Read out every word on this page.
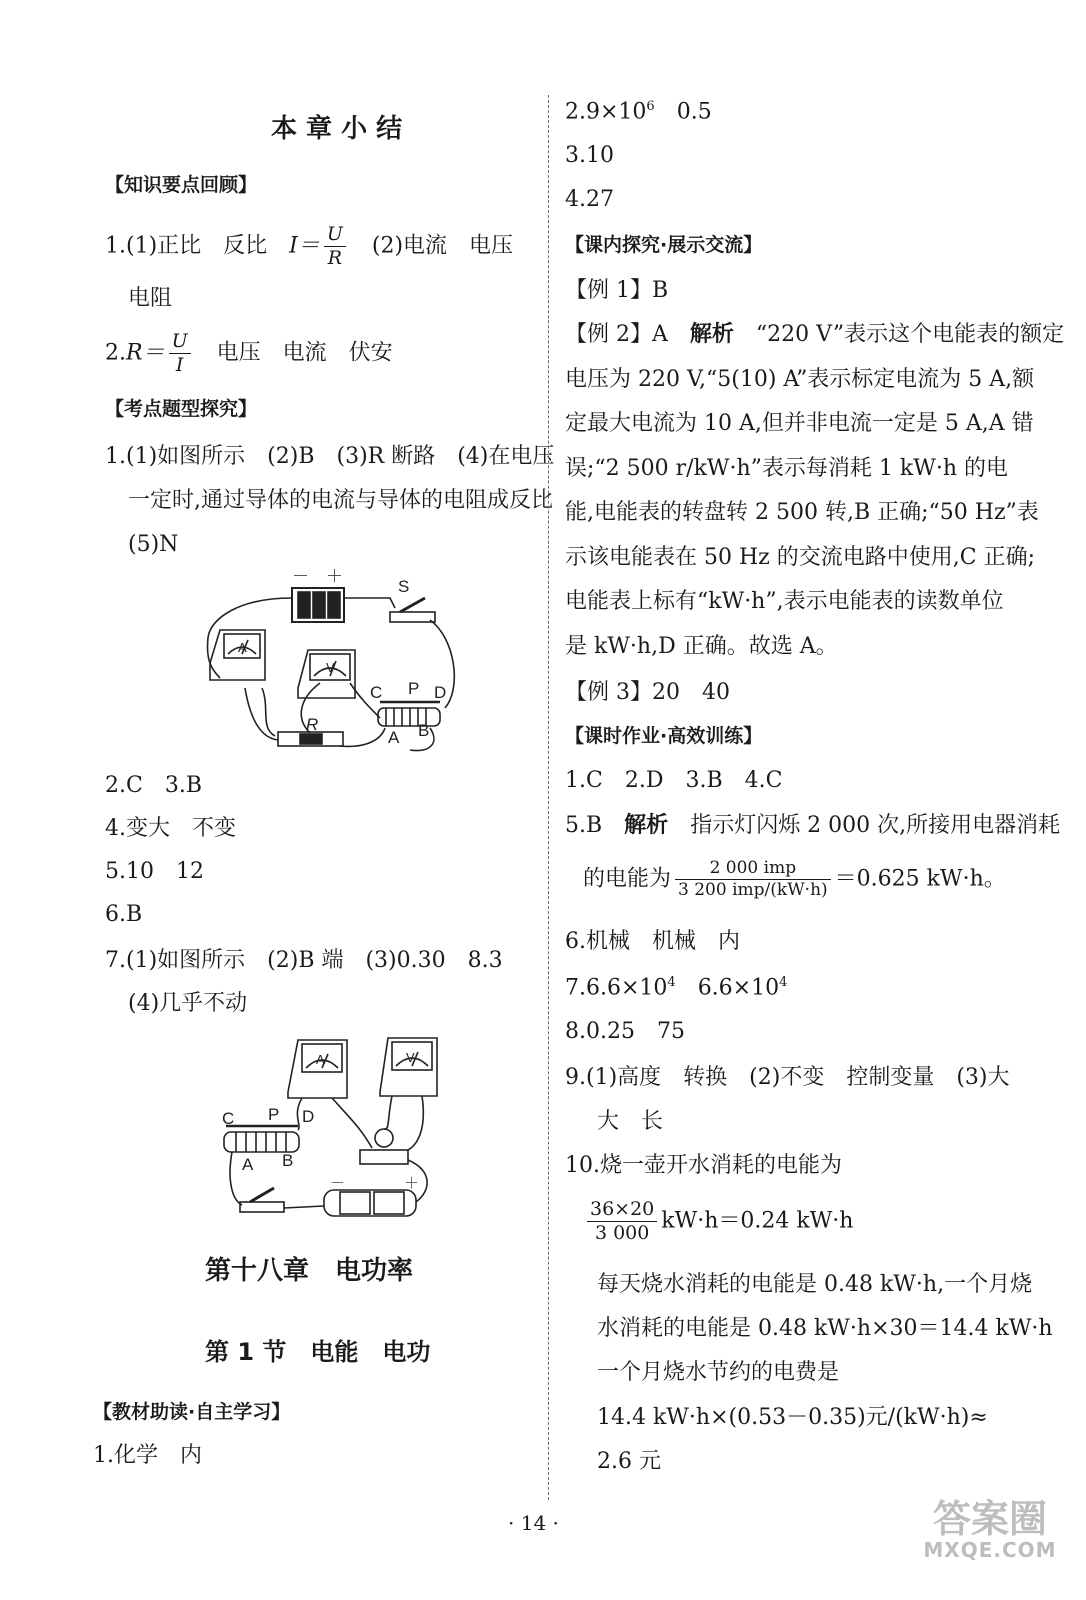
本 章 小 结
【知识要点回顾】
1.(1)正比　反比　$I= \frac{U}{R}$ 　(2)电流　电压
电阻
$2.R= \frac{U}{I}$ 　电压　电流　伏安
【考点题型探究】
1.(1)如图所示　(2)B　(3)R 断路　(4)在电压
一定时,通过导体的电流与导体的电阻成反比
(5)N
－ ＋
S
A
V
C P D
A B
R
2.C　3.B
4.变大　不变
5.10　12
6.B
7.(1)如图所示　(2)B 端　(3)0.30　8.3
(4)几乎不动
C P D
A B
A	V
－	＋
第十八章　电功率
第 1 节　电能　电功
【教材助读·自主学习】
1.化学　内
$2.9\times 10^6$　0.5
3.10
4.27
【课内探究·展示交流】
【例 1】B
【例 2】A　解析　“220 V”表示这个电能表的额定
电压为 220 V,“5(10) A”表示标定电流为 5 A,额
定最大电流为 10 A,但并非电流一定是 5 A,A 错
误;“2 500 r/kW·h”表示每消耗 1 kW·h 的电
能,电能表的转盘转 2 500 转,B 正确;“50 Hz”表
示该电能表在 50 Hz 的交流电路中使用,C 正确;
电能表上标有“kW·h”,表示电能表的读数单位
是 kW·h,D 正确。故选 A。
【例 3】20　40
【课时作业·高效训练】
1.C　2.D　3.B　4.C
5.B　解析　指示灯闪烁 2 000 次,所接用电器消耗
的电能为 $\frac{\text{2 000 imp}}{\text{3 200 imp/(kW·h)}} =0.625$ kW·h。
6.机械　机械　内
$7.6.6\times 10^4$　$6.6\times 10^4$
8.0.25　75
9.(1)高度　转换　(2)不变　控制变量　(3)大
大　长
10.烧一壶开水消耗的电能为
$\frac{36\times 20}{3 000} kW\cdot h=0.24$ kW·h
每天烧水消耗的电能是 0.48 kW·h,一个月烧
水消耗的电能是 0.48 kW·h×30＝14.4 kW·h
一个月烧水节约的电费是
14.4 kW·h×(0.53－0.35)元/(kW·h)≈
2.6 元
· 14 ·	答案圈
MXQE.COM
